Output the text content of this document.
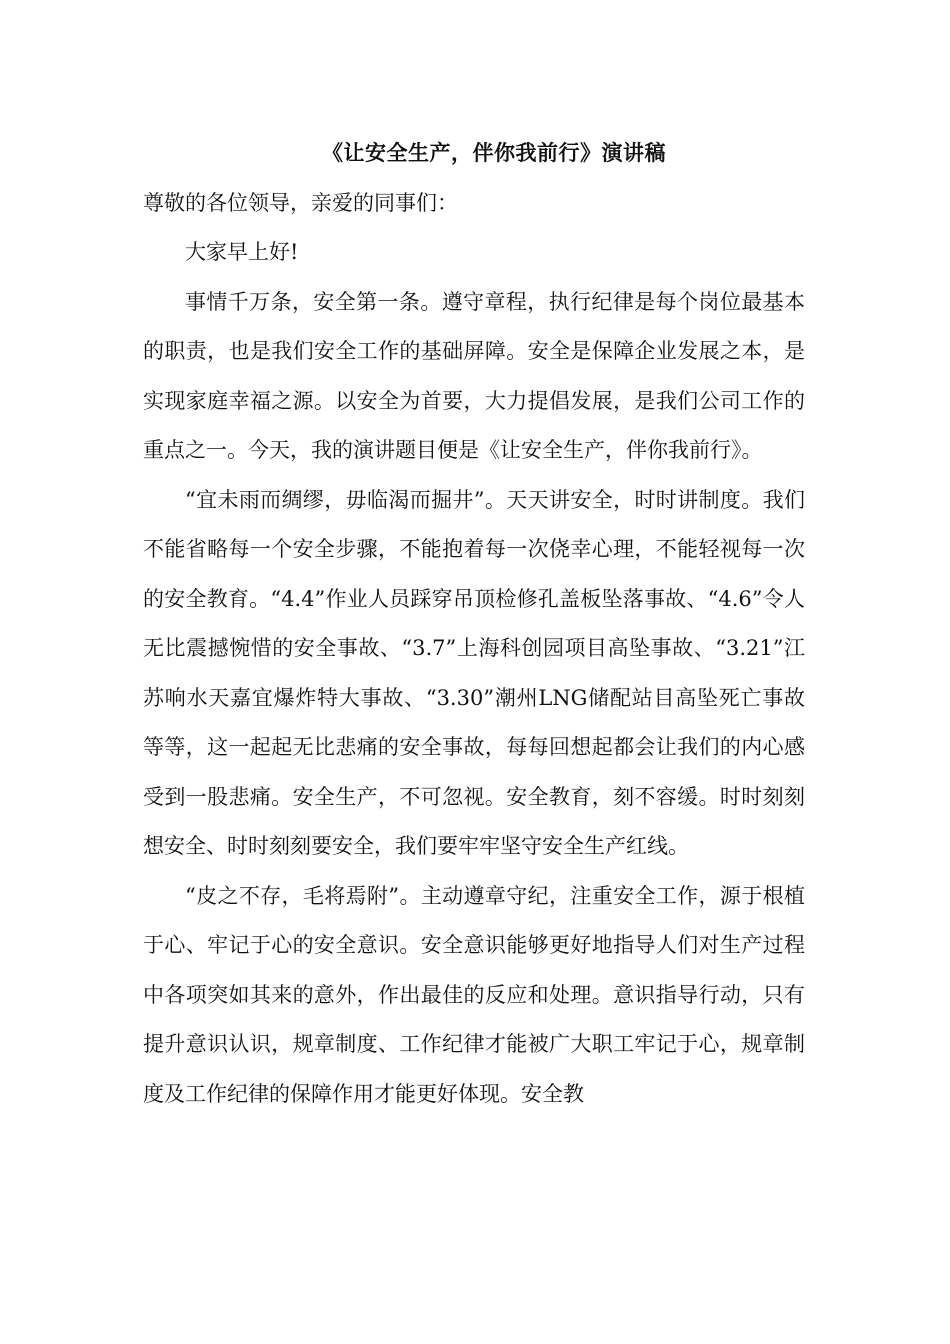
《让安全生产，伴你我前行》演讲稿

尊敬的各位领导，亲爱的同事们：

大家早上好!

事情千万条，安全第一条。遵守章程，执行纪律是每个岗位最基本的职责，也是我们安全工作的基础屏障。安全是保障企业发展之本，是实现家庭幸福之源。以安全为首要，大力提倡发展，是我们公司工作的重点之一。今天，我的演讲题目便是《让安全生产，伴你我前行》。

“宜未雨而绸缪，毋临渴而掘井”。天天讲安全，时时讲制度。我们不能省略每一个安全步骤，不能抱着每一次侥幸心理，不能轻视每一次的安全教育。“4.4”作业人员踩穿吊顶检修孔盖板坠落事故、“4.6”令人无比震撼惋惜的安全事故、“3.7”上海科创园项目高坠事故、“3.21”江苏响水天嘉宜爆炸特大事故、“3.30”潮州LNG储配站目高坠死亡事故等等，这一起起无比悲痛的安全事故，每每回想起都会让我们的内心感受到一股悲痛。安全生产，不可忽视。安全教育，刻不容缓。时时刻刻想安全、时时刻刻要安全，我们要牢牢坚守安全生产红线。

“皮之不存，毛将焉附”。主动遵章守纪，注重安全工作，源于根植于心、牢记于心的安全意识。安全意识能够更好地指导人们对生产过程中各项突如其来的意外，作出最佳的反应和处理。意识指导行动，只有提升意识认识，规章制度、工作纪律才能被广大职工牢记于心，规章制度及工作纪律的保障作用才能更好体现。安全教
